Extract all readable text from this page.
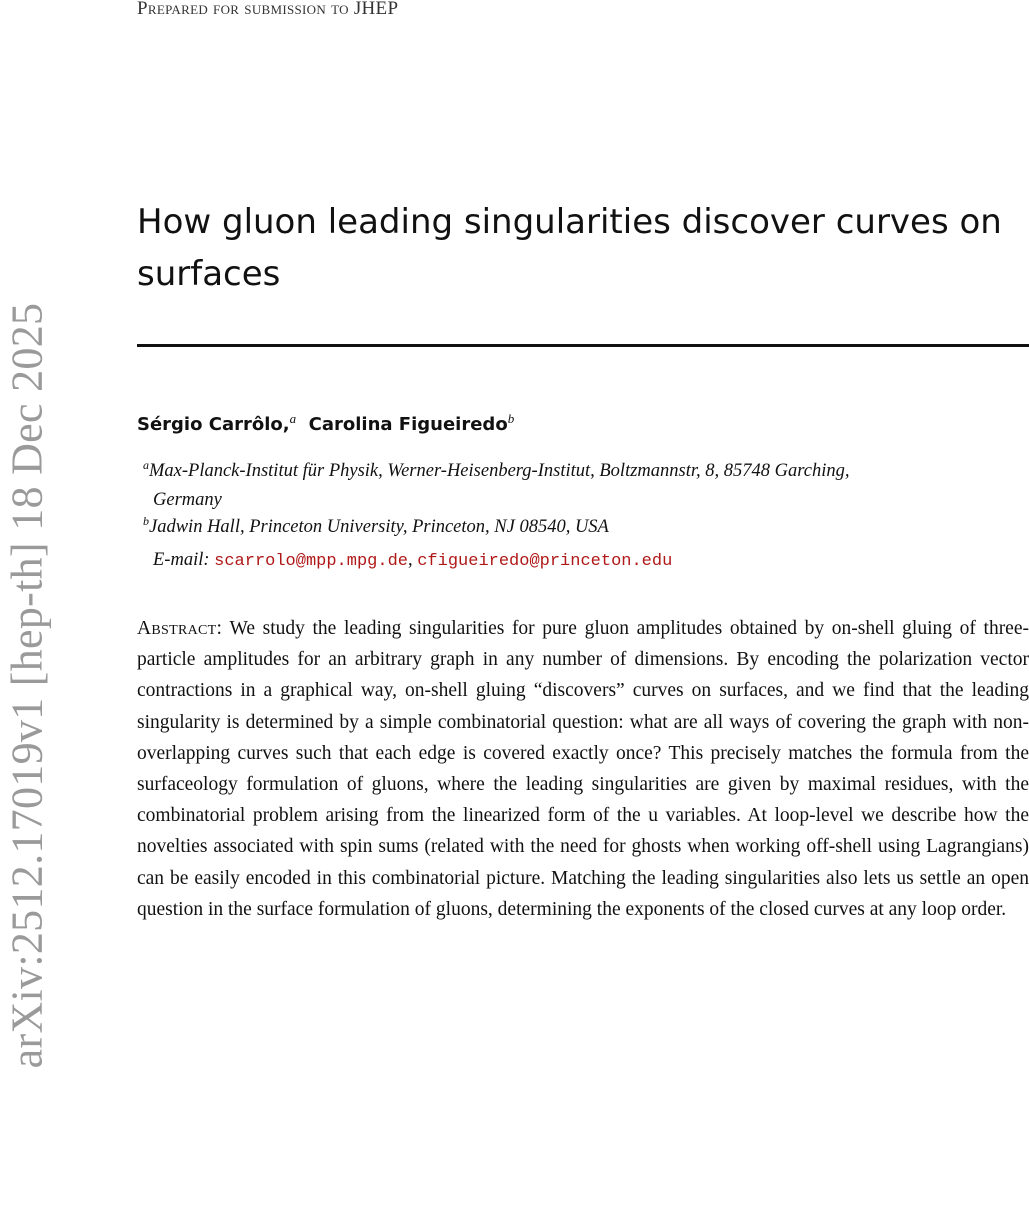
arXiv:2512.17019v1 [hep-th] 18 Dec 2025
Prepared for submission to JHEP
How gluon leading singularities discover curves on surfaces
Sérgio Carrôlo,$^a$ Carolina Figueiredo$^b$
$^a$Max-Planck-Institut für Physik, Werner-Heisenberg-Institut, Boltzmannstr, 8, 85748 Garching,
Germany
$^b$Jadwin Hall, Princeton University, Princeton, NJ 08540, USA
E-mail: scarrolo@mpp.mpg.de, cfigueiredo@princeton.edu

Abstract: We study the leading singularities for pure gluon amplitudes obtained by on-shell gluing of three-particle amplitudes for an arbitrary graph in any number of dimensions. By encoding the polarization vector contractions in a graphical way, on-shell gluing “discovers” curves on surfaces, and we find that the leading singularity is determined by a simple combinatorial question: what are all ways of covering the graph with non-overlapping curves such that each edge is covered exactly once? This precisely matches the formula from the surfaceology formulation of gluons, where the leading singularities are given by maximal residues, with the combinatorial problem arising from the linearized form of the u variables. At loop-level we describe how the novelties associated with spin sums (related with the need for ghosts when working off-shell using Lagrangians) can be easily encoded in this combinatorial picture. Matching the leading singularities also lets us settle an open question in the surface formulation of gluons, determining the exponents of the closed curves at any loop order.
